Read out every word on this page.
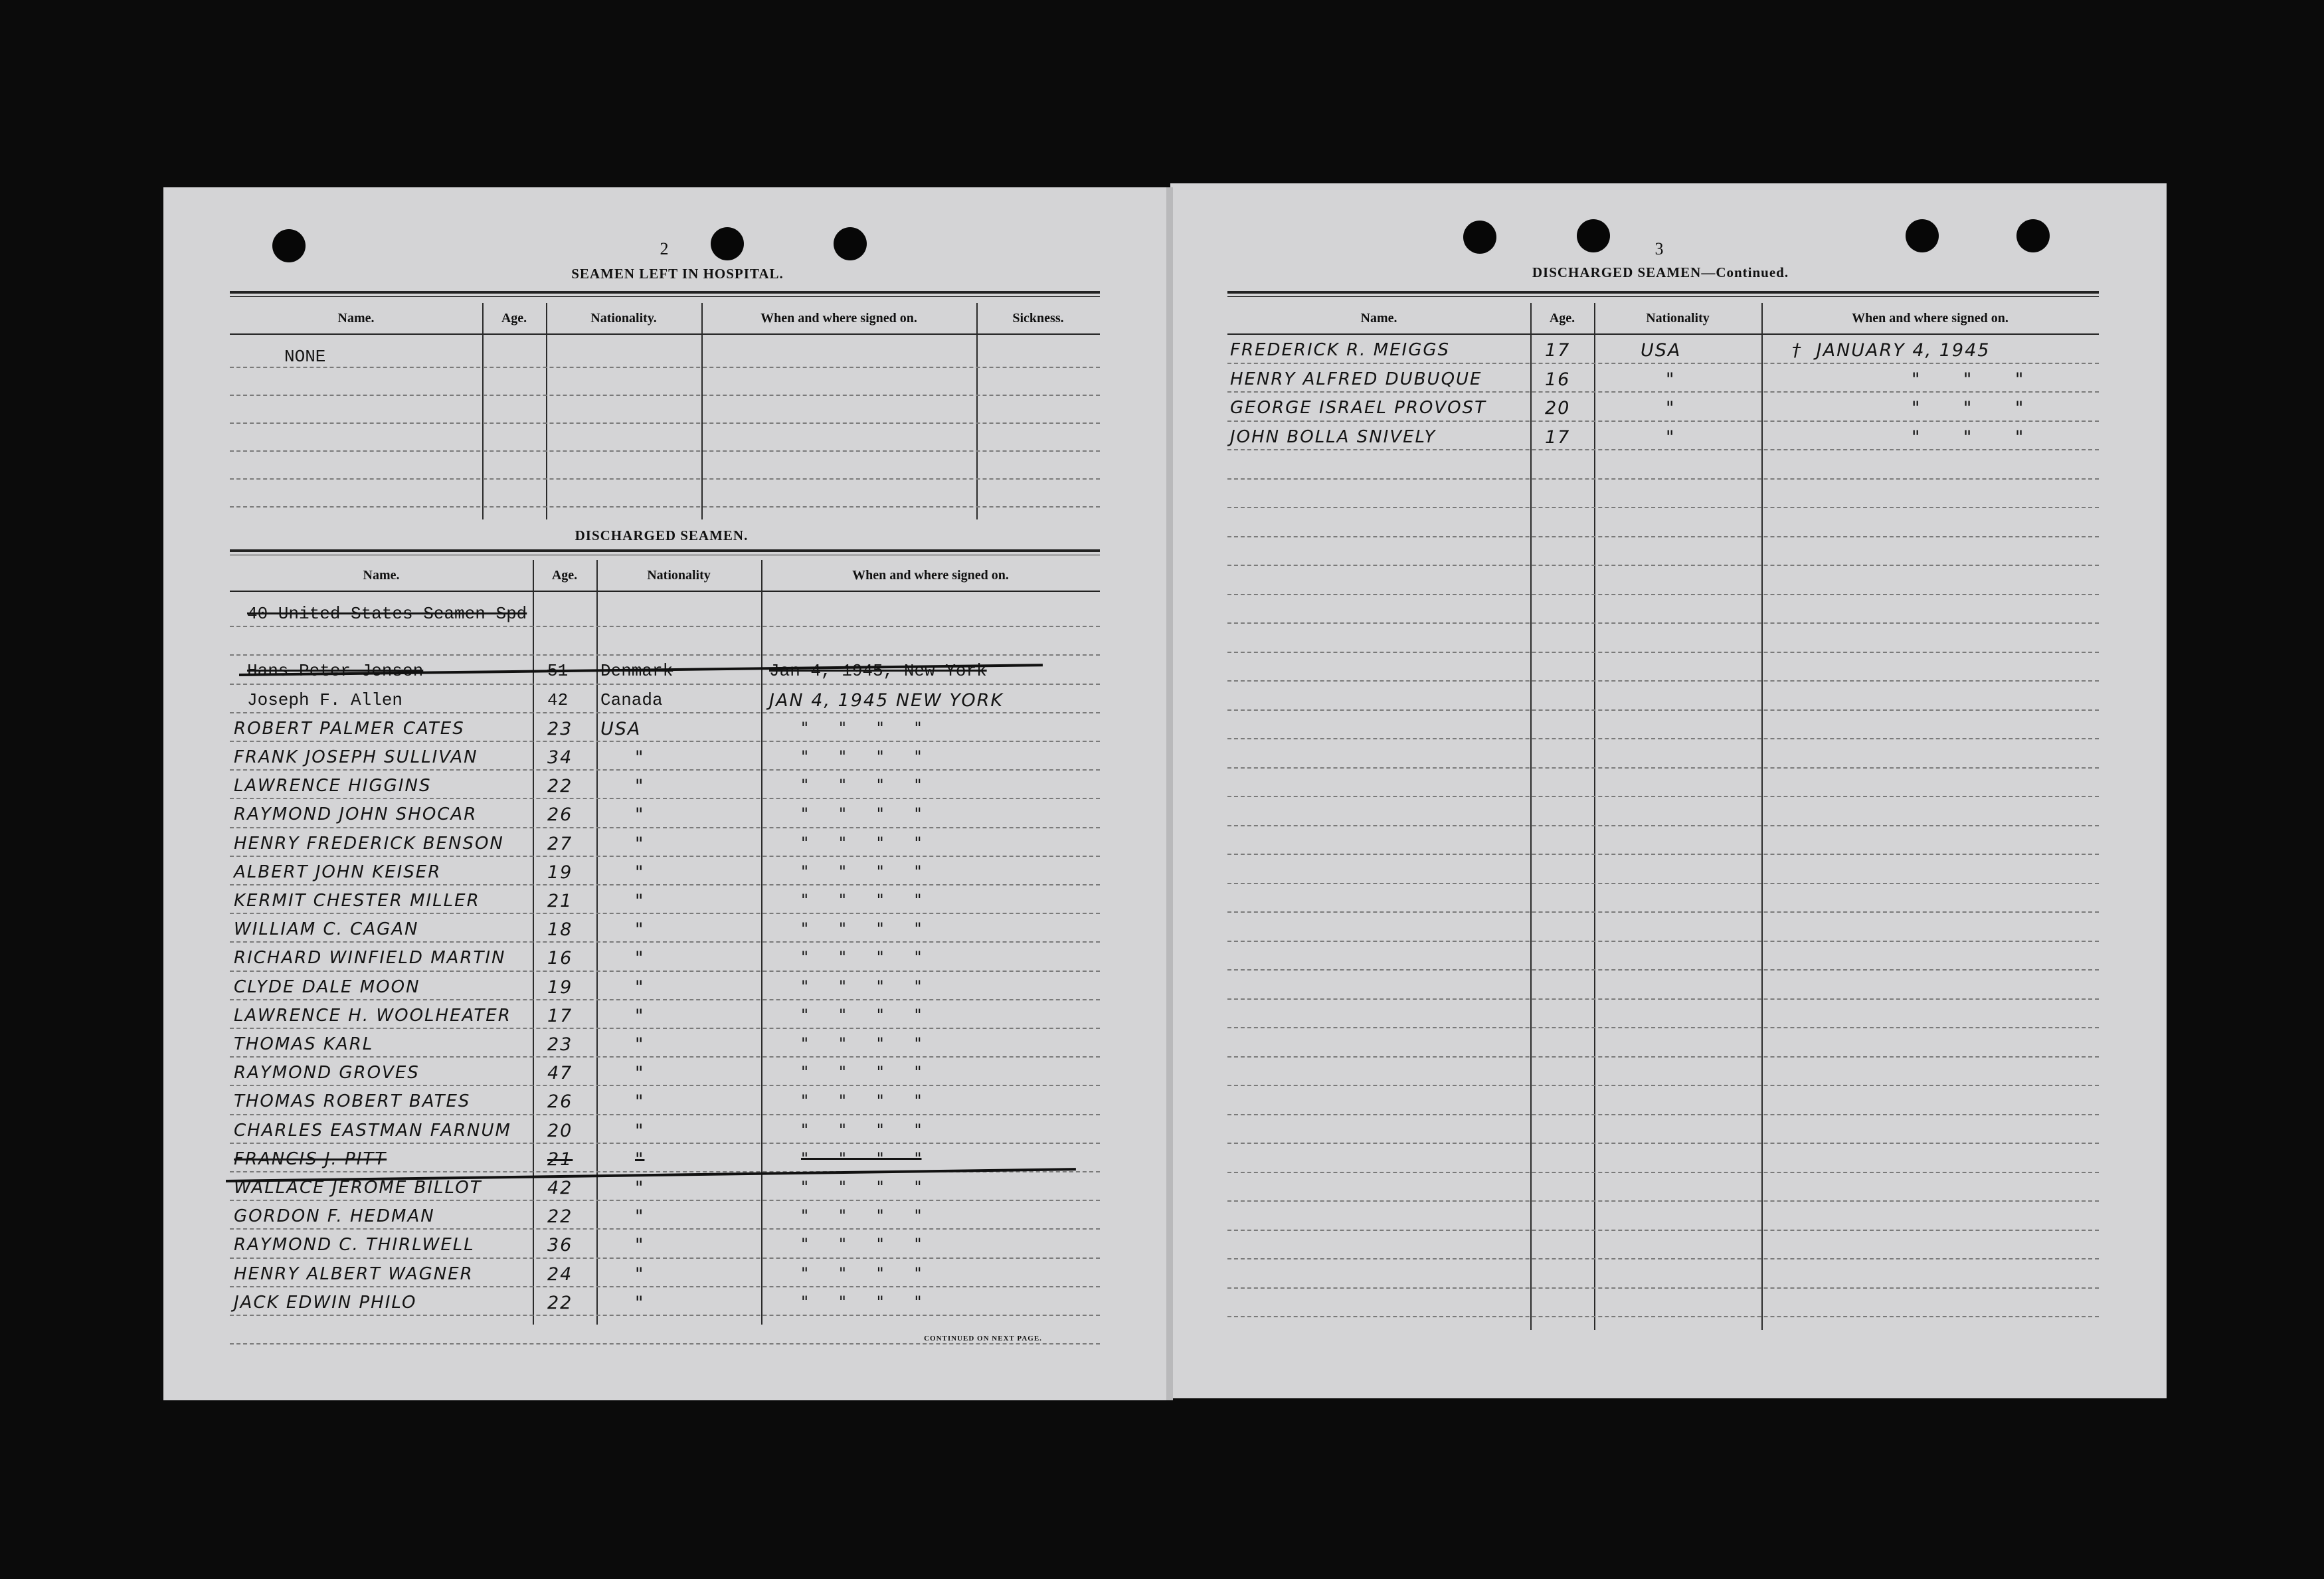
2
SEAMEN LEFT IN HOSPITAL.
3
DISCHARGED SEAMEN—Continued.
CONTINUED ON NEXT PAGE.
Name.	Age.	Nationality.	When and where signed on.	Sickness.
NONE
DISCHARGED SEAMEN.
Name.	Age.	Nationality	When and where signed on.
40 United States Seamen Spd
Hans Peter Jensen	51 Denmark	Jan 4, 1945, New York
Joseph F. Allen	42 Canada	JAN 4, 1945 NEW YORK
ROBERT PALMER CATES	23 USA	"      "      "      "
FRANK JOSEPH SULLIVAN	34	"	"      "      "      "
LAWRENCE HIGGINS	22	"	"      "      "      "
RAYMOND JOHN SHOCAR	26	"	"      "      "      "
HENRY FREDERICK BENSON 27	"	"      "      "      "
ALBERT JOHN KEISER	19	"	"      "      "      "
KERMIT CHESTER MILLER	21	"	"      "      "      "
WILLIAM C. CAGAN	18	"	"      "      "      "
RICHARD WINFIELD MARTIN 16	"	"      "      "      "
CLYDE DALE MOON	19	"	"      "      "      "
LAWRENCE H. WOOLHEATER 17	"	"      "      "      "
THOMAS KARL	23	"	"      "      "      "
RAYMOND GROVES	47	"	"      "      "      "
THOMAS ROBERT BATES	26	"	"      "      "      "
CHARLES EASTMAN FARNUM 20	"	"      "      "      "
FRANCIS J. PITT	21	"	"      "      "      "
WALLACE JEROME BILLOT	42	"	"      "      "      "
GORDON F. HEDMAN	22	"	"      "      "      "
RAYMOND C. THIRLWELL	36	"	"      "      "      "
HENRY ALBERT WAGNER	24	"	"      "      "      "
JACK EDWIN PHILO	22	"	"      "      "      "
Name.	Age.	Nationality	When and where signed on.
FREDERICK R. MEIGGS	17	USA	†  JANUARY 4, 1945
HENRY ALFRED DUBUQUE	16	"	"      "      "
GEORGE ISRAEL PROVOST	20	"	"      "      "
JOHN BOLLA SNIVELY	17	"	"      "      "
